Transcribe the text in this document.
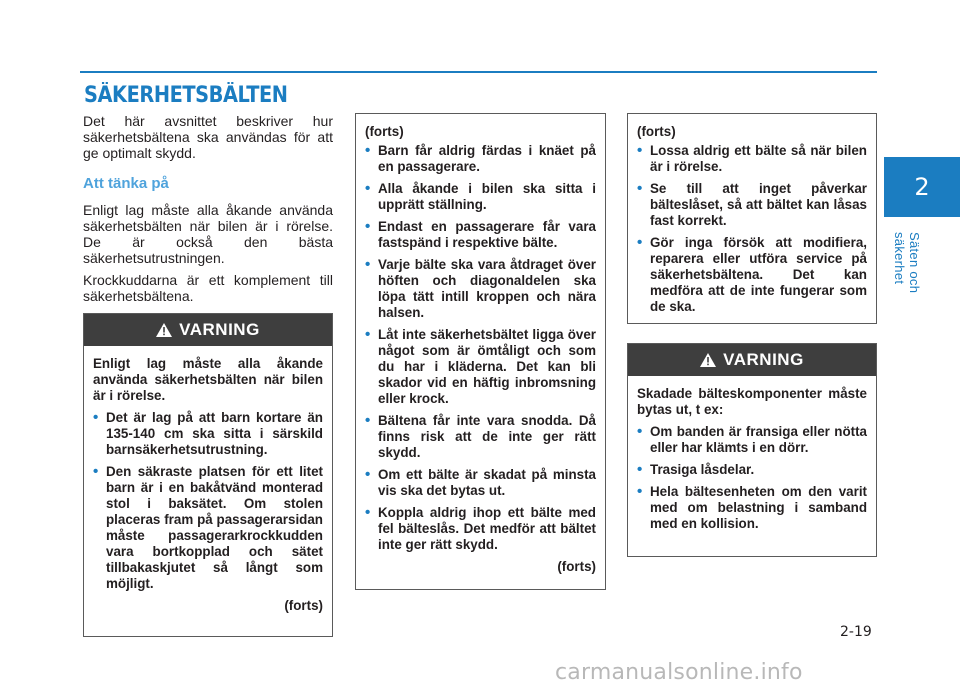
SÄKERHETSBÄLTEN

Det här avsnittet beskriver hur säkerhetsbältena ska användas för att ge optimalt skydd.

Att tänka på

Enligt lag måste alla åkande använda säkerhetsbälten när bilen är i rörelse. De är också den bästa säkerhetsutrustningen.

Krockkuddarna är ett komplement till säkerhetsbältena.

VARNING

Enligt lag måste alla åkande använda säkerhetsbälten när bilen är i rörelse.

• Det är lag på att barn kortare än 135-140 cm ska sitta i särskild barnsäkerhetsutrustning.
• Den säkraste platsen för ett litet barn är i en bakåtvänd monterad stol i baksätet. Om stolen placeras fram på passagerarsidan måste passagerarkrockkudden vara bortkopplad och sätet tillbakaskjutet så långt som möjligt.
(forts)
(forts)
• Barn får aldrig färdas i knäet på en passagerare.
• Alla åkande i bilen ska sitta i upprätt ställning.
• Endast en passagerare får vara fastspänd i respektive bälte.
• Varje bälte ska vara åtdraget över höften och diagonaldelen ska löpa tätt intill kroppen och nära halsen.
• Låt inte säkerhetsbältet ligga över något som är ömtåligt och som du har i kläderna. Det kan bli skador vid en häftig inbromsning eller krock.
• Bältena får inte vara snodda. Då finns risk att de inte ger rätt skydd.
• Om ett bälte är skadat på minsta vis ska det bytas ut.
• Koppla aldrig ihop ett bälte med fel bälteslås. Det medför att bältet inte ger rätt skydd.
(forts)
(forts)
• Lossa aldrig ett bälte så när bilen är i rörelse.
• Se till att inget påverkar bälteslåset, så att bältet kan låsas fast korrekt.
• Gör inga försök att modifiera, reparera eller utföra service på säkerhetsbältena. Det kan medföra att de inte fungerar som de ska.
VARNING

Skadade bälteskomponenter måste bytas ut, t ex:

• Om banden är fransiga eller nötta eller har klämts i en dörr.
• Trasiga låsdelar.
• Hela bältesenheten om den varit med om belastning i samband med en kollision.
2
Säten och säkerhet
2-19
carmanualsonline.info
